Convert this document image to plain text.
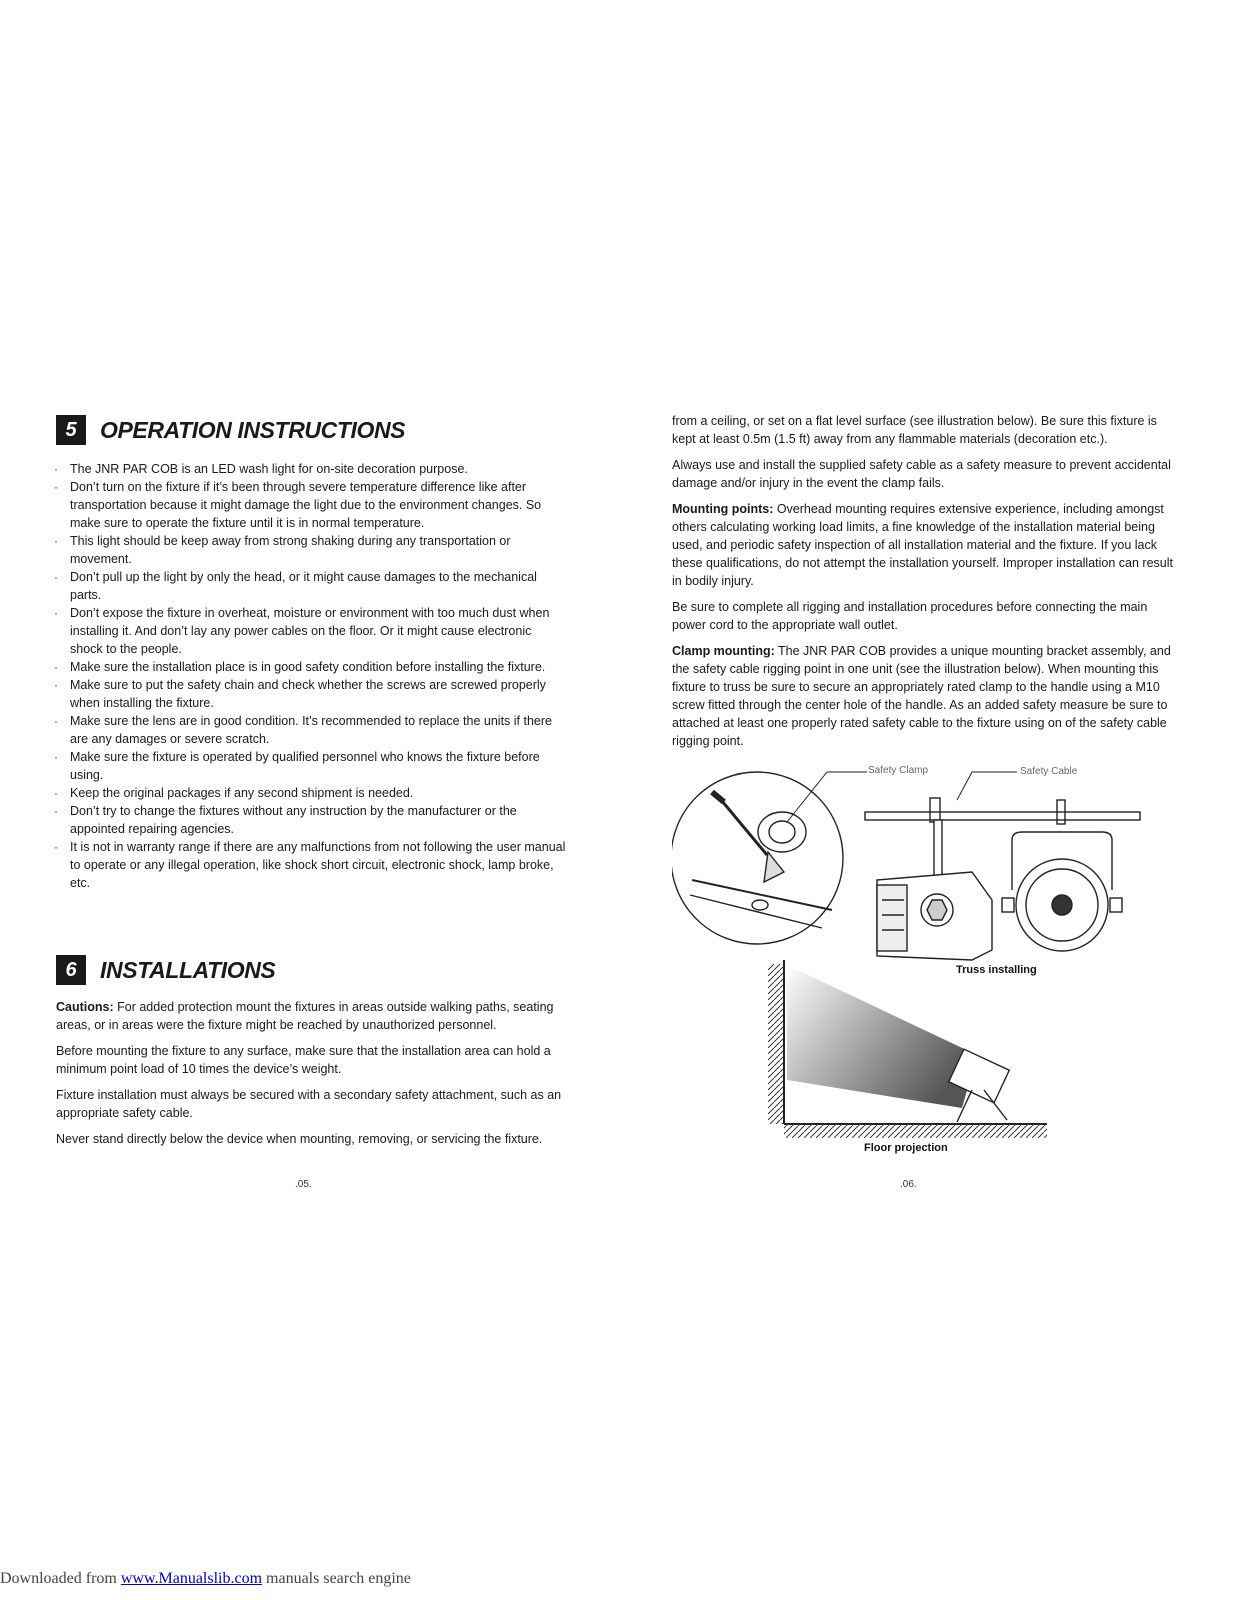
5	OPERATION INSTRUCTIONS
· The JNR PAR COB is an LED wash light for on-site decoration purpose.
· Don’t turn on the fixture if it’s been through severe temperature difference like after transportation because it might damage the light due to the environment changes. So make sure to operate the fixture until it is in normal temperature.
· This light should be keep away from strong shaking during any transportation or movement.
· Don’t pull up the light by only the head, or it might cause damages to the mechanical parts.
· Don’t expose the fixture in overheat, moisture or environment with too much dust when installing it. And don’t lay any power cables on the floor. Or it might cause electronic shock to the people.
· Make sure the installation place is in good safety condition before installing the fixture.
· Make sure to put the safety chain and check whether the screws are screwed properly when installing the fixture.
· Make sure the lens are in good condition. It’s recommended to replace the units if there are any damages or severe scratch.
· Make sure the fixture is operated by qualified personnel who knows the fixture before using.
· Keep the original packages if any second shipment is needed.
· Don’t try to change the fixtures without any instruction by the manufacturer or the appointed repairing agencies.
· It is not in warranty range if there are any malfunctions from not following the user manual to operate or any illegal operation, like shock short circuit, electronic shock, lamp broke, etc.
6	INSTALLATIONS

Cautions: For added protection mount the fixtures in areas outside walking paths, seating areas, or in areas were the fixture might be reached by unauthorized personnel.

Before mounting the fixture to any surface, make sure that the installation area can hold a minimum point load of 10 times the device’s weight.

Fixture installation must always be secured with a secondary safety attachment, such as an appropriate safety cable.

Never stand directly below the device when mounting, removing, or servicing the fixture.

.05.

from a ceiling, or set on a flat level surface (see illustration below). Be sure this fixture is kept at least 0.5m (1.5 ft) away from any flammable materials (decoration etc.).

Always use and install the supplied safety cable as a safety measure to prevent accidental damage and/or injury in the event the clamp fails.

Mounting points: Overhead mounting requires extensive experience, including amongst others calculating working load limits, a fine knowledge of the installation material being used, and periodic safety inspection of all installation material and the fixture. If you lack these qualifications, do not attempt the installation yourself. Improper installation can result in bodily injury.

Be sure to complete all rigging and installation procedures before connecting the main power cord to the appropriate wall outlet.

Clamp mounting: The JNR PAR COB provides a unique mounting bracket assembly, and the safety cable rigging point in one unit (see the illustration below). When mounting this fixture to truss be sure to secure an appropriately rated clamp to the handle using a M10 screw fitted through the center hole of the handle. As an added safety measure be sure to attached at least one properly rated safety cable to the fixture using on of the safety cable rigging point.

Safety Clamp	Safety Cable
Truss installing
Floor projection
.06.
Downloaded from www.Manualslib.com manuals search engine
